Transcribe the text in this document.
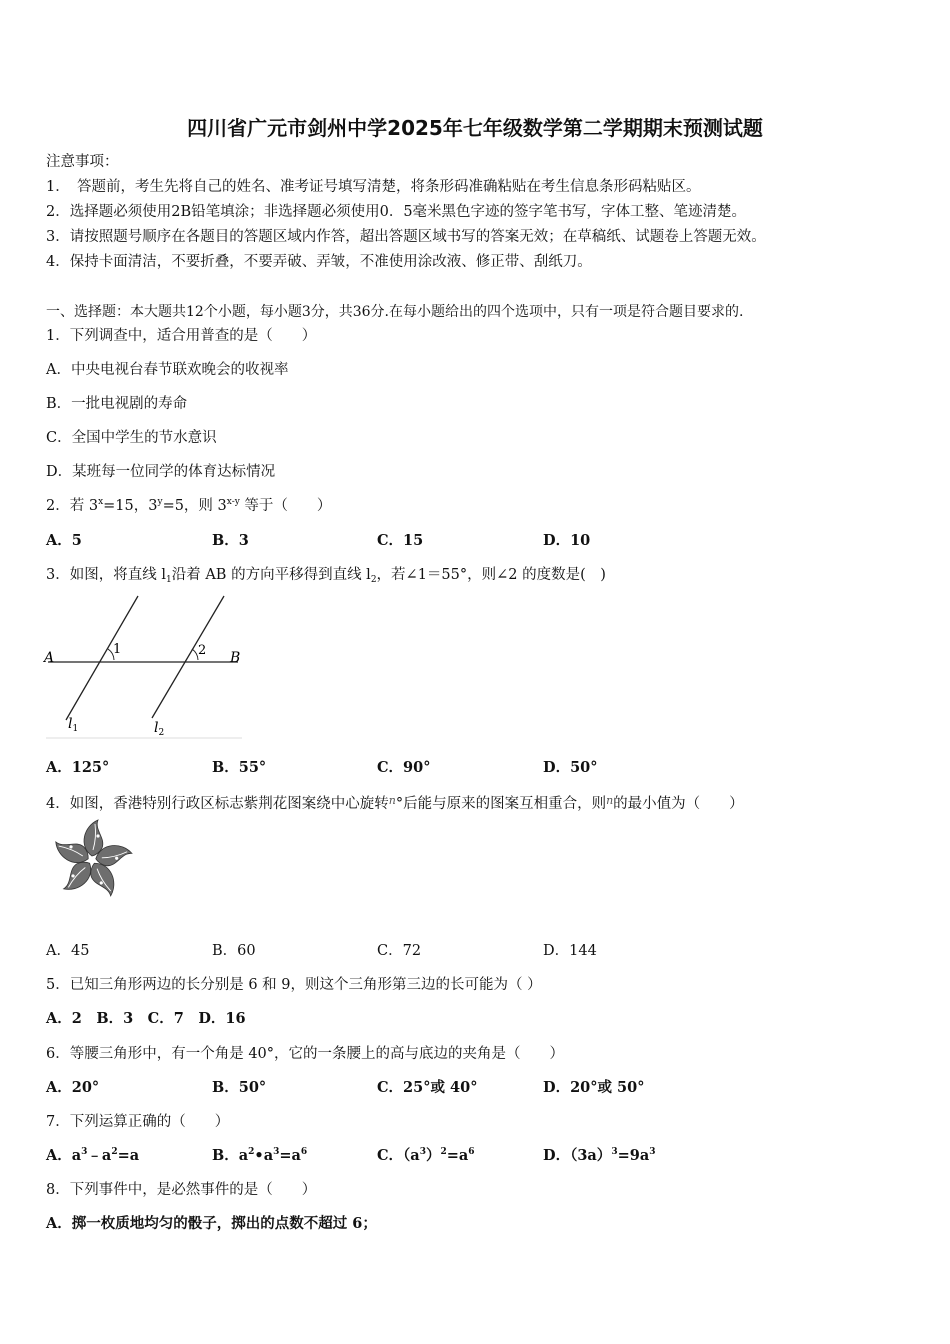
四川省广元市剑州中学2025年七年级数学第二学期期末预测试题
注意事项：
1．　答题前，考生先将自己的姓名、准考证号填写清楚，将条形码准确粘贴在考生信息条形码粘贴区。
2．选择题必须使用2B铅笔填涂；非选择题必须使用0．5毫米黑色字迹的签字笔书写，字体工整、笔迹清楚。
3．请按照题号顺序在各题目的答题区域内作答，超出答题区域书写的答案无效；在草稿纸、试题卷上答题无效。
4．保持卡面清洁，不要折叠，不要弄破、弄皱，不准使用涂改液、修正带、刮纸刀。
一、选择题：本大题共12个小题，每小题3分，共36分.在每小题给出的四个选项中，只有一项是符合题目要求的.
1．下列调查中，适合用普查的是（　　）
A．中央电视台春节联欢晚会的收视率
B．一批电视剧的寿命
C．全国中学生的节水意识
D．某班每一位同学的体育达标情况
2．若 $3^x=15$，$3^y=5$，则 3$^{x-y}$ 等于（　　）
A．5	B．3	C．15	D．10
3．如图，将直线 $l_1$沿着 AB 的方向平移得到直线 $l_2$，若∠1＝55°，则∠2 的度数是(　)
A	B
1	2
$l_1$	$l_2$
A．125°	B．55°	C．90°	D．50°
4．如图，香港特别行政区标志紫荆花图案绕中心旋转$^n$°后能与原来的图案互相重合，则$^n$的最小值为（　　）
A．45	B．60	C．72	D．144
5．已知三角形两边的长分别是 6 和 9，则这个三角形第三边的长可能为（ ）
A．2　B．3　C．7　D．16
6．等腰三角形中，有一个角是 40°，它的一条腰上的高与底边的夹角是（　　）
A．20°	B．50°	C．25°或 40°	D．20°或 50°
7．下列运算正确的（　　）
A．$a^3﹣a^2=a$	B．$a^2•a^3=a^6$	C．$(a^3)^2=a^6$	D．$(3a)^3=9a^3$
8．下列事件中，是必然事件的是（　　）
A．掷一枚质地均匀的骰子，掷出的点数不超过 6；
